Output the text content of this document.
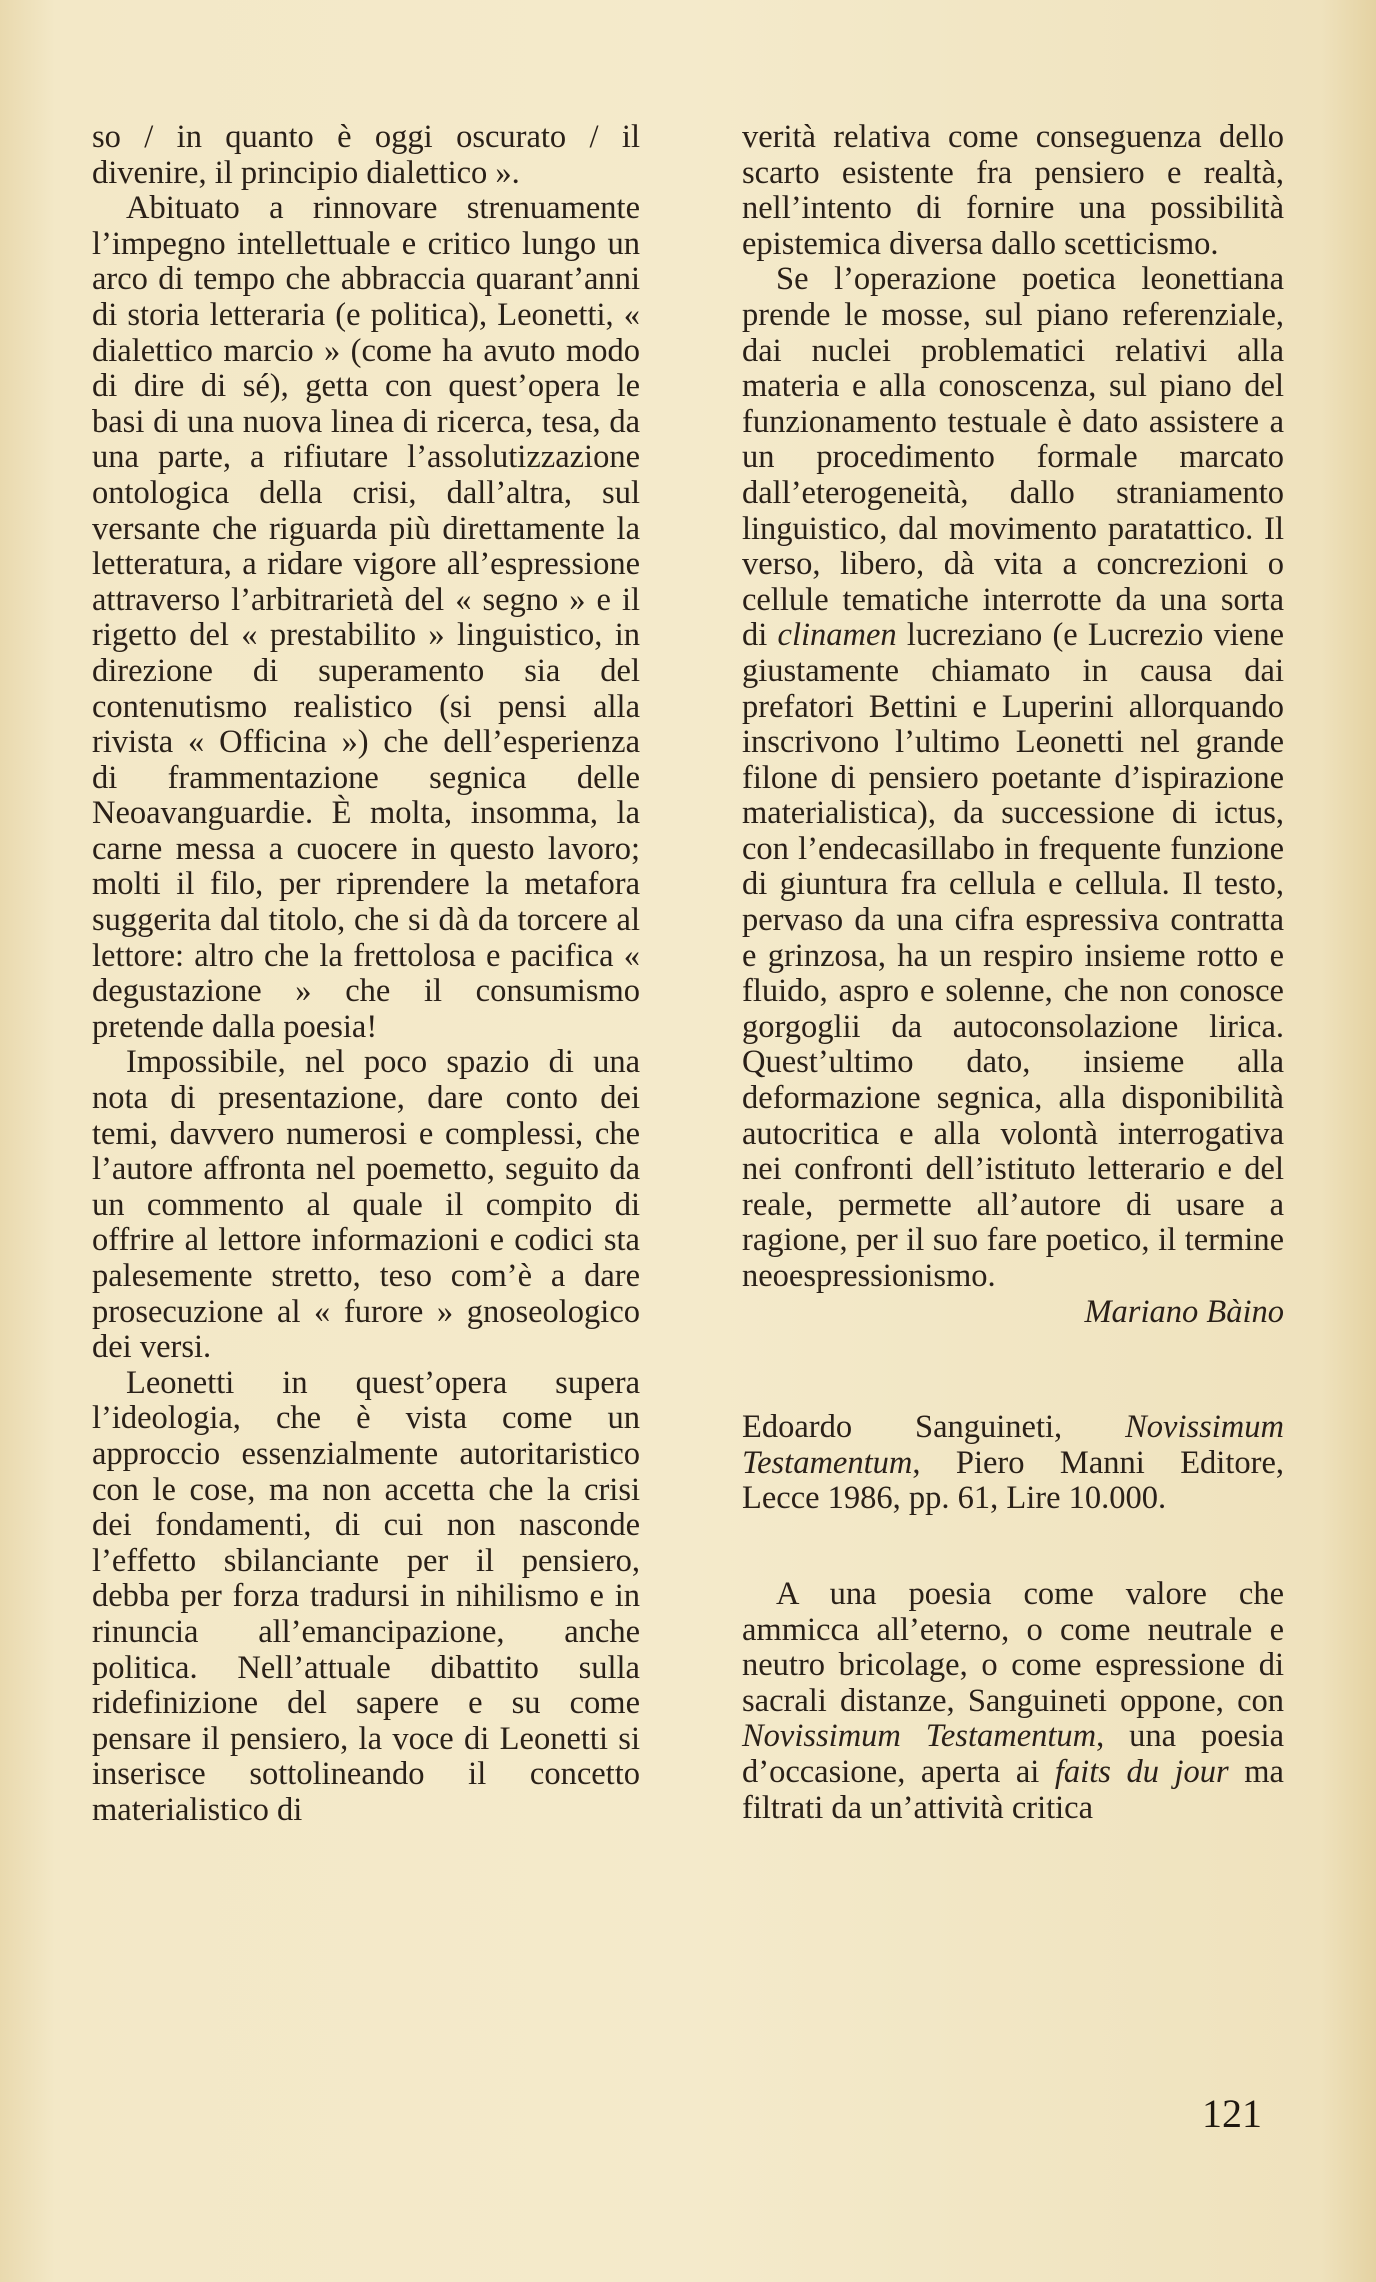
so / in quanto è oggi oscurato / il divenire, il principio dialettico ».

Abituato a rinnovare strenuamente l’impegno intellettuale e critico lungo un arco di tempo che abbraccia quarant’anni di storia letteraria (e politica), Leonetti, « dialettico marcio » (come ha avuto modo di dire di sé), getta con quest’opera le basi di una nuova linea di ricerca, tesa, da una parte, a rifiutare l’assolutizzazione ontologica della crisi, dall’altra, sul versante che riguarda più direttamente la letteratura, a ridare vigore all’espressione attraverso l’arbitrarietà del « segno » e il rigetto del « prestabilito » linguistico, in direzione di superamento sia del contenutismo realistico (si pensi alla rivista « Officina ») che dell’esperienza di frammentazione segnica delle Neoavanguardie. È molta, insomma, la carne messa a cuocere in questo lavoro; molti il filo, per riprendere la metafora suggerita dal titolo, che si dà da torcere al lettore: altro che la frettolosa e pacifica « degustazione » che il consumismo pretende dalla poesia!

Impossibile, nel poco spazio di una nota di presentazione, dare conto dei temi, davvero numerosi e complessi, che l’autore affronta nel poemetto, seguito da un commento al quale il compito di offrire al lettore informazioni e codici sta palesemente stretto, teso com’è a dare prosecuzione al « furore » gnoseologico dei versi.

Leonetti in quest’opera supera l’ideologia, che è vista come un approccio essenzialmente autoritaristico con le cose, ma non accetta che la crisi dei fondamenti, di cui non nasconde l’effetto sbilanciante per il pensiero, debba per forza tradursi in nihilismo e in rinuncia all’emancipazione, anche politica. Nell’attuale dibattito sulla ridefinizione del sapere e su come pensare il pensiero, la voce di Leonetti si inserisce sottolineando il concetto materialistico di

verità relativa come conseguenza dello scarto esistente fra pensiero e realtà, nell’intento di fornire una possibilità epistemica diversa dallo scetticismo.

Se l’operazione poetica leonettiana prende le mosse, sul piano referenziale, dai nuclei problematici relativi alla materia e alla conoscenza, sul piano del funzionamento testuale è dato assistere a un procedimento formale marcato dall’eterogeneità, dallo straniamento linguistico, dal movimento paratattico. Il verso, libero, dà vita a concrezioni o cellule tematiche interrotte da una sorta di clinamen lucreziano (e Lucrezio viene giustamente chiamato in causa dai prefatori Bettini e Luperini allorquando inscrivono l’ultimo Leonetti nel grande filone di pensiero poetante d’ispirazione materialistica), da successione di ictus, con l’endecasillabo in frequente funzione di giuntura fra cellula e cellula. Il testo, pervaso da una cifra espressiva contratta e grinzosa, ha un respiro insieme rotto e fluido, aspro e solenne, che non conosce gorgoglii da autoconsolazione lirica. Quest’ultimo dato, insieme alla deformazione segnica, alla disponibilità autocritica e alla volontà interrogativa nei confronti dell’istituto letterario e del reale, permette all’autore di usare a ragione, per il suo fare poetico, il termine neoespressionismo.

Mariano Bàino

Edoardo Sanguineti, Novissimum Testamentum, Piero Manni Editore, Lecce 1986, pp. 61, Lire 10.000.

A una poesia come valore che ammicca all’eterno, o come neutrale e neutro bricolage, o come espressione di sacrali distanze, Sanguineti oppone, con Novissimum Testamentum, una poesia d’occasione, aperta ai faits du jour ma filtrati da un’attività critica

121
